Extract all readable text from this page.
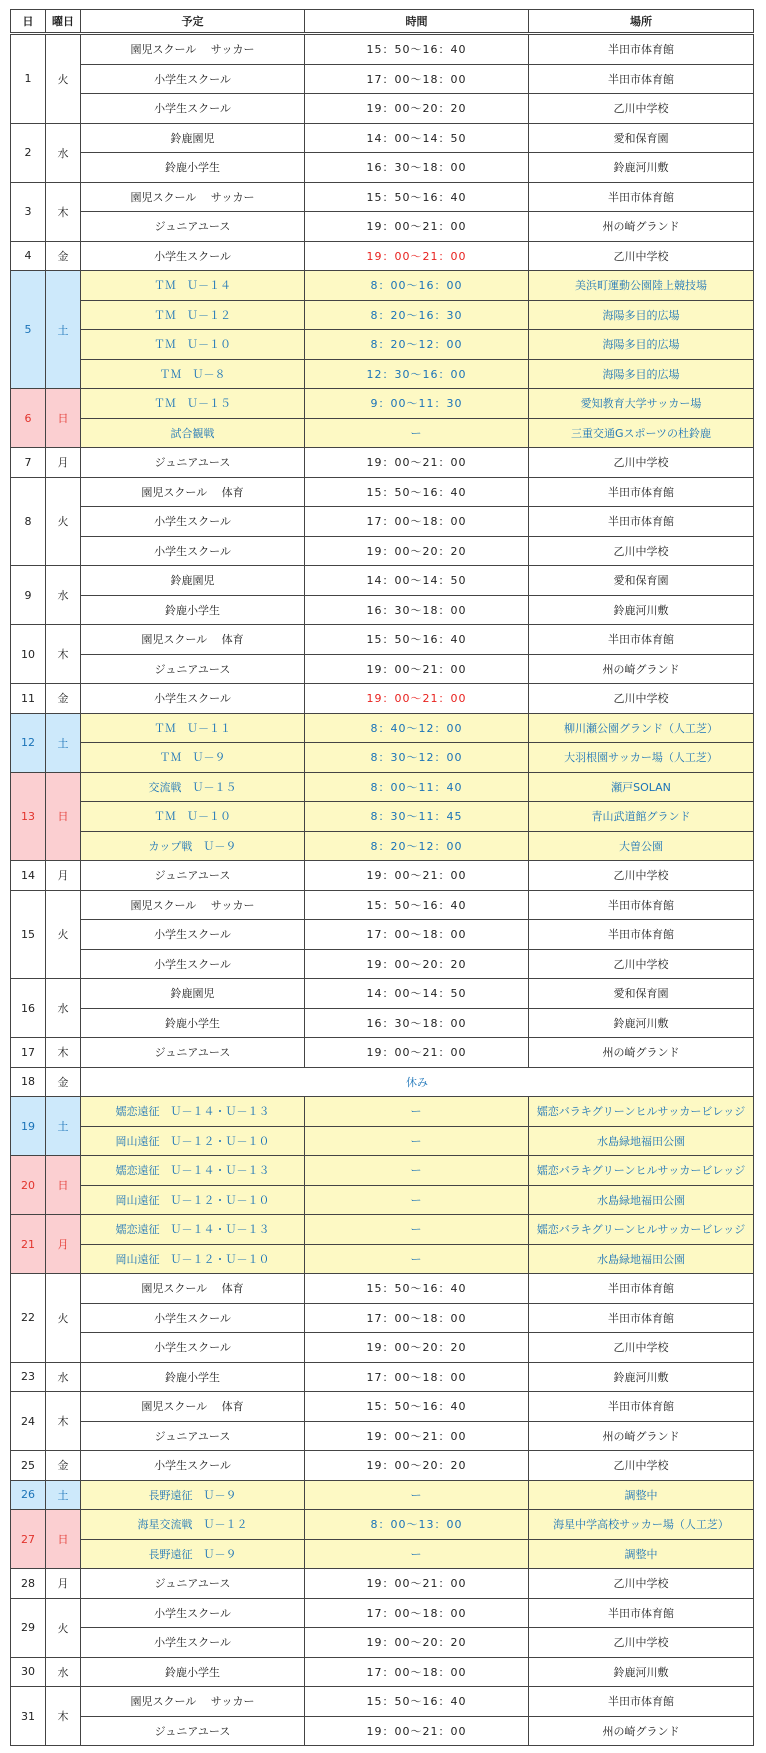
日	曜日	予定	時間	場所
1	火	園児スクール　 サッカー	15：50〜16：40	半田市体育館
		小学生スクール	17：00〜18：00	半田市体育館
		小学生スクール	19：00〜20：20	乙川中学校
2	水	鈴鹿園児	14：00〜14：50	愛和保育園
		鈴鹿小学生	16：30〜18：00	鈴鹿河川敷
3	木	園児スクール　 サッカー	15：50〜16：40	半田市体育館
		ジュニアユース	19：00〜21：00	州の崎グランド
4	金	小学生スクール	19：00〜21：00	乙川中学校
5	土	ＴＭ　Ｕ－１４	8：00〜16：00	美浜町運動公園陸上競技場
		ＴＭ　Ｕ－１２	8：20〜16：30	海陽多目的広場
		ＴＭ　Ｕ－１０	8：20〜12：00	海陽多目的広場
		ＴＭ　Ｕ－８	12：30〜16：00	海陽多目的広場
6	日	ＴＭ　Ｕ－１５	9：00〜11：30	愛知教育大学サッカー場
		試合観戦	ー	三重交通Gスポーツの杜鈴鹿
7	月	ジュニアユース	19：00〜21：00	乙川中学校
8	火	園児スクール　 体育	15：50〜16：40	半田市体育館
		小学生スクール	17：00〜18：00	半田市体育館
		小学生スクール	19：00〜20：20	乙川中学校
9	水	鈴鹿園児	14：00〜14：50	愛和保育園
		鈴鹿小学生	16：30〜18：00	鈴鹿河川敷
10	木	園児スクール　 体育	15：50〜16：40	半田市体育館
		ジュニアユース	19：00〜21：00	州の崎グランド
11	金	小学生スクール	19：00〜21：00	乙川中学校
12	土	ＴＭ　Ｕ－１１	8：40〜12：00	柳川瀬公園グランド（人工芝）
		ＴＭ　Ｕ－９	8：30〜12：00	大羽根園サッカー場（人工芝）
13	日	交流戦　Ｕ－１５	8：00〜11：40	瀬戸SOLAN
		ＴＭ　Ｕ－１０	8：30〜11：45	青山武道館グランド
		カップ戦　Ｕ－９	8：20〜12：00	大曽公園
14	月	ジュニアユース	19：00〜21：00	乙川中学校
15	火	園児スクール　 サッカー	15：50〜16：40	半田市体育館
		小学生スクール	17：00〜18：00	半田市体育館
		小学生スクール	19：00〜20：20	乙川中学校
16	水	鈴鹿園児	14：00〜14：50	愛和保育園
		鈴鹿小学生	16：30〜18：00	鈴鹿河川敷
17	木	ジュニアユース	19：00〜21：00	州の崎グランド
18	金	休み		
19	土	嬬恋遠征　Ｕ－１４・Ｕ－１３	ー	嬬恋バラキグリーンヒルサッカービレッジ
		岡山遠征　Ｕ－１２・Ｕ－１０	ー	水島緑地福田公園
20	日	嬬恋遠征　Ｕ－１４・Ｕ－１３	ー	嬬恋バラキグリーンヒルサッカービレッジ
		岡山遠征　Ｕ－１２・Ｕ－１０	ー	水島緑地福田公園
21	月	嬬恋遠征　Ｕ－１４・Ｕ－１３	ー	嬬恋バラキグリーンヒルサッカービレッジ
		岡山遠征　Ｕ－１２・Ｕ－１０	ー	水島緑地福田公園
22	火	園児スクール　 体育	15：50〜16：40	半田市体育館
		小学生スクール	17：00〜18：00	半田市体育館
		小学生スクール	19：00〜20：20	乙川中学校
23	水	鈴鹿小学生	17：00〜18：00	鈴鹿河川敷
24	木	園児スクール　 体育	15：50〜16：40	半田市体育館
		ジュニアユース	19：00〜21：00	州の崎グランド
25	金	小学生スクール	19：00〜20：20	乙川中学校
26	土	長野遠征　Ｕ－９	ー	調整中
27	日	海星交流戦　Ｕ－１２	8：00〜13：00	海星中学高校サッカー場（人工芝）
		長野遠征　Ｕ－９	ー	調整中
28	月	ジュニアユース	19：00〜21：00	乙川中学校
29	火	小学生スクール	17：00〜18：00	半田市体育館
		小学生スクール	19：00〜20：20	乙川中学校
30	水	鈴鹿小学生	17：00〜18：00	鈴鹿河川敷
31	木	園児スクール　 サッカー	15：50〜16：40	半田市体育館
		ジュニアユース	19：00〜21：00	州の崎グランド
